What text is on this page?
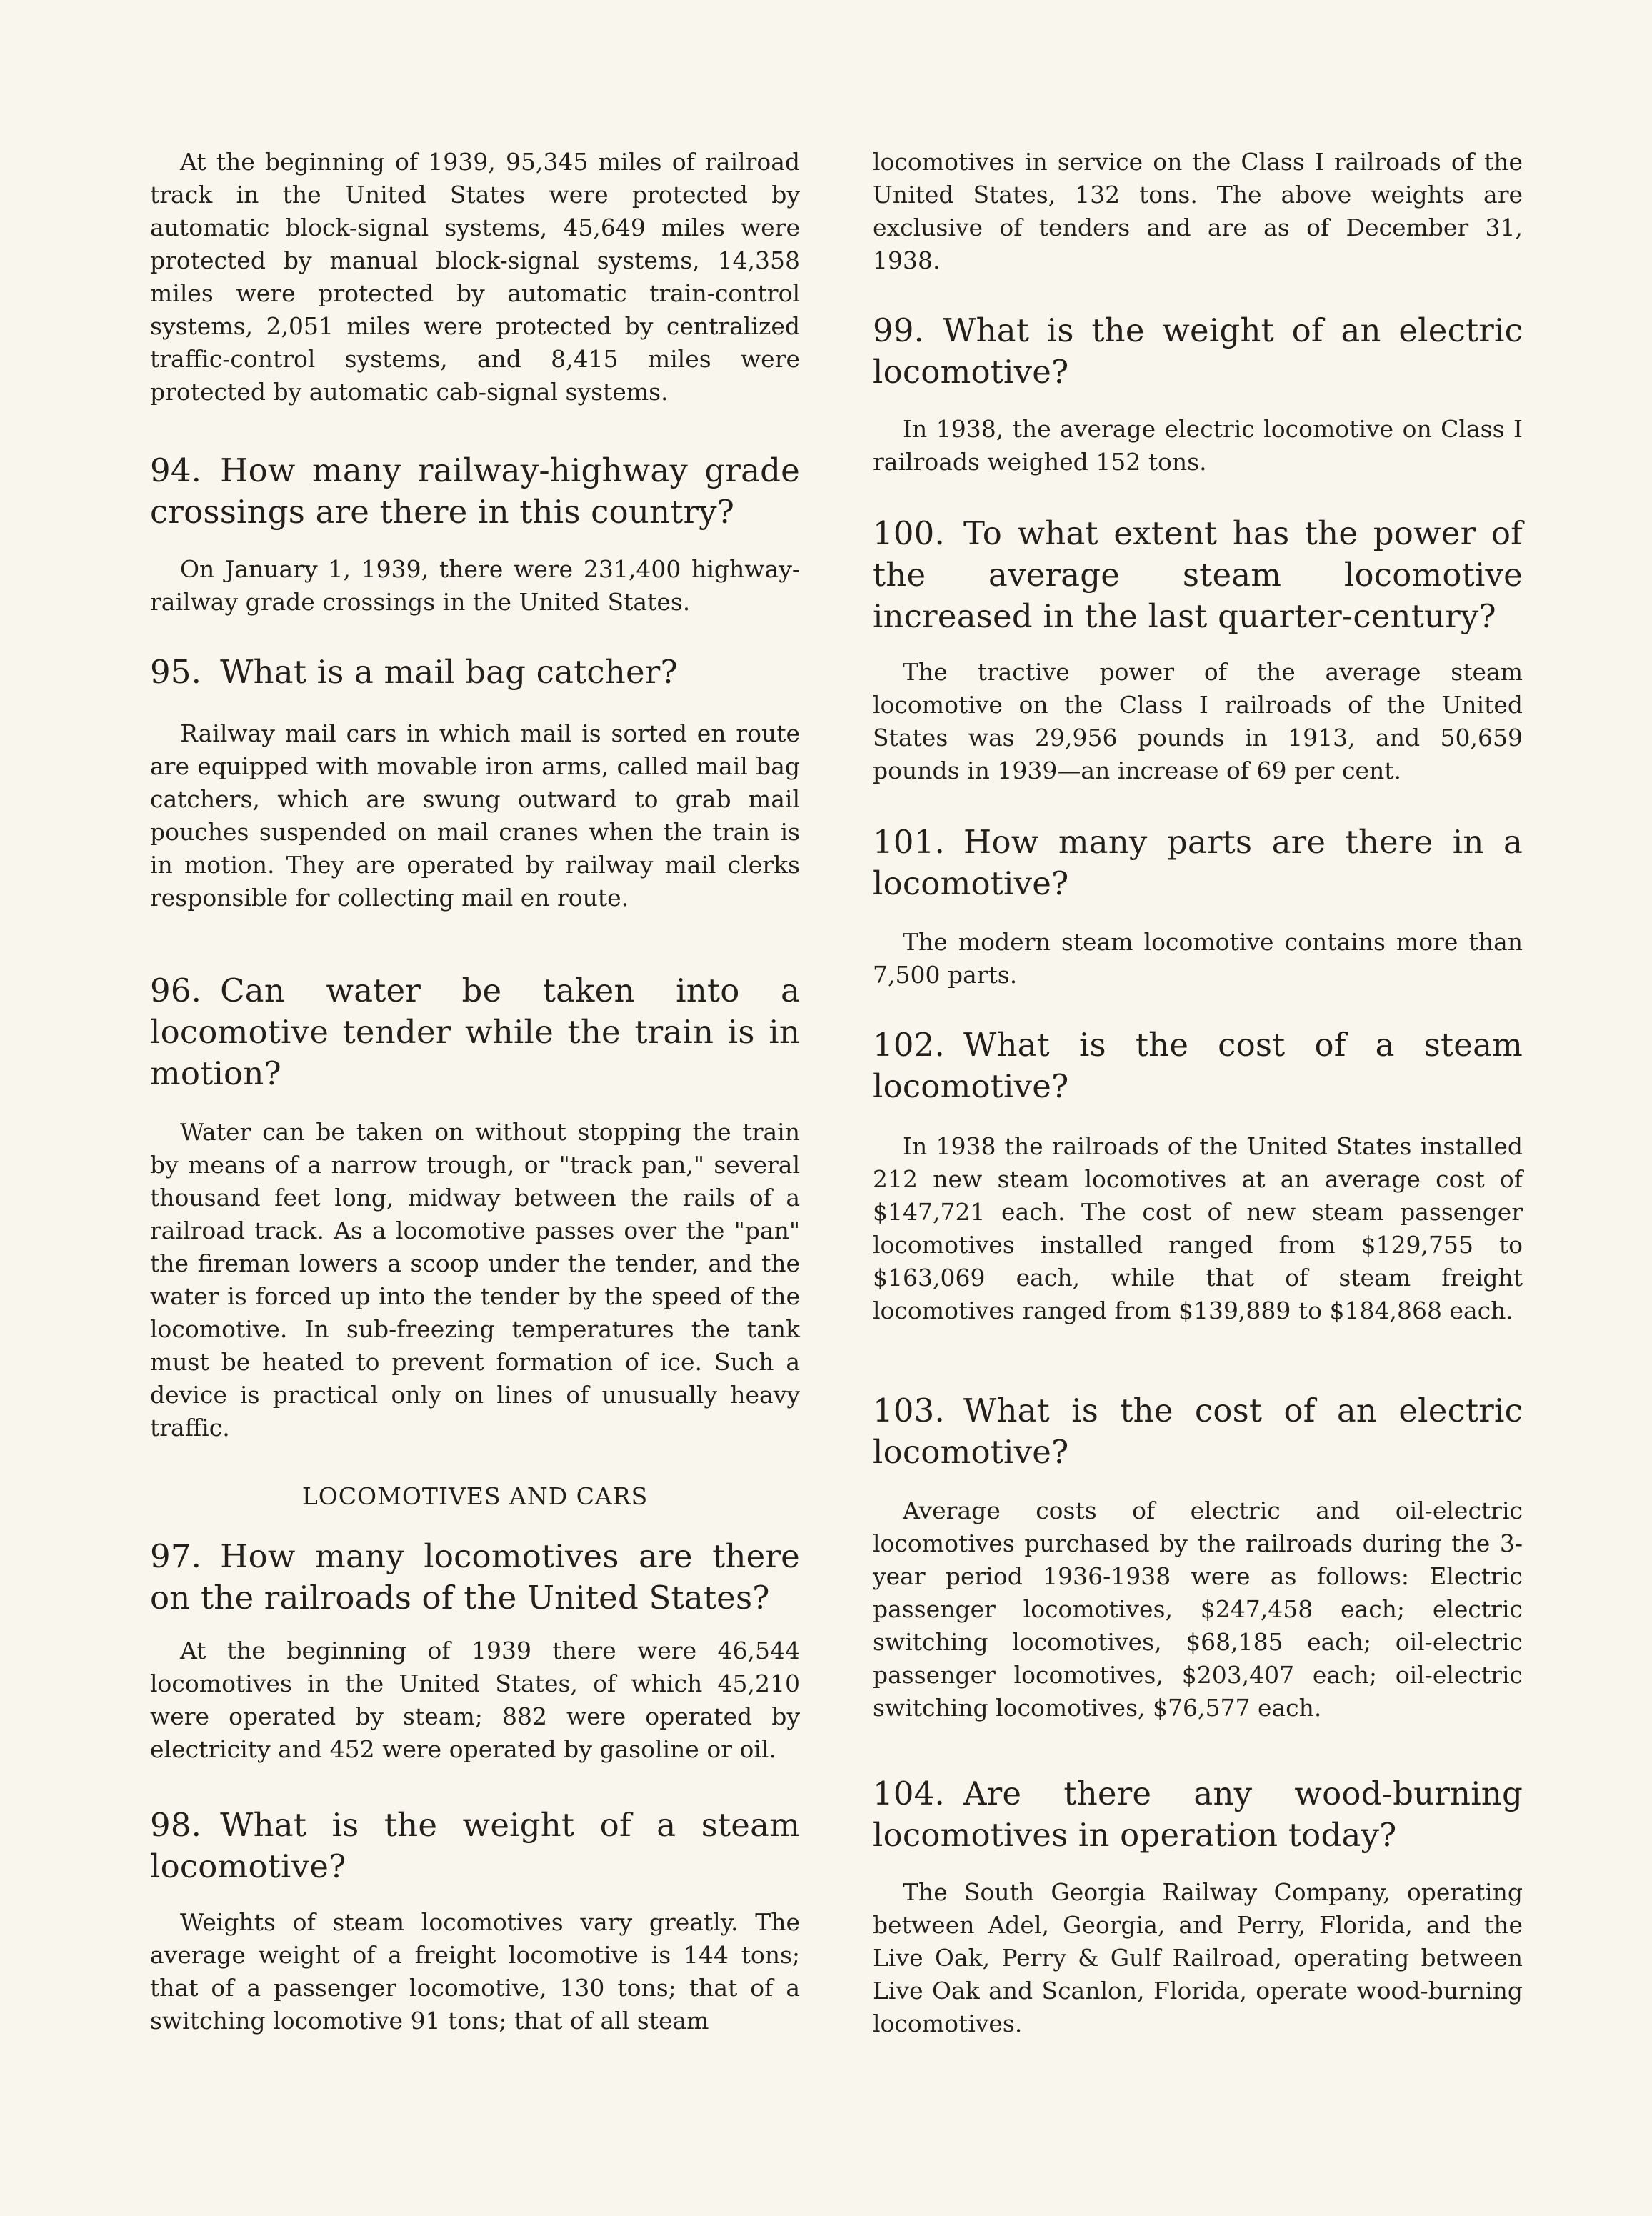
At the beginning of 1939, 95,345 miles of railroad track in the United States were protected by automatic block-signal systems, 45,649 miles were protected by manual block-signal systems, 14,358 miles were protected by automatic train-control systems, 2,051 miles were protected by centralized traffic-control systems, and 8,415 miles were protected by automatic cab-signal systems.

94. How many railway-highway grade crossings are there in this country?

On January 1, 1939, there were 231,400 highway-railway grade crossings in the United States.

95. What is a mail bag catcher?

Railway mail cars in which mail is sorted en route are equipped with movable iron arms, called mail bag catchers, which are swung outward to grab mail pouches suspended on mail cranes when the train is in motion. They are operated by railway mail clerks responsible for collecting mail en route.

96. Can water be taken into a locomotive tender while the train is in motion?

Water can be taken on without stopping the train by means of a narrow trough, or "track pan," several thousand feet long, midway between the rails of a railroad track. As a locomotive passes over the "pan" the fireman lowers a scoop under the tender, and the water is forced up into the tender by the speed of the locomotive. In sub-freezing temperatures the tank must be heated to prevent formation of ice. Such a device is practical only on lines of unusually heavy traffic.

LOCOMOTIVES AND CARS

97. How many locomotives are there on the railroads of the United States?

At the beginning of 1939 there were 46,544 locomotives in the United States, of which 45,210 were operated by steam; 882 were operated by electricity and 452 were operated by gasoline or oil.

98. What is the weight of a steam locomotive?

Weights of steam locomotives vary greatly. The average weight of a freight locomotive is 144 tons; that of a passenger locomotive, 130 tons; that of a switching locomotive 91 tons; that of all steam

locomotives in service on the Class I railroads of the United States, 132 tons. The above weights are exclusive of tenders and are as of December 31, 1938.

99. What is the weight of an electric locomotive?

In 1938, the average electric locomotive on Class I railroads weighed 152 tons.

100. To what extent has the power of the average steam locomotive increased in the last quarter-century?

The tractive power of the average steam locomotive on the Class I railroads of the United States was 29,956 pounds in 1913, and 50,659 pounds in 1939—an increase of 69 per cent.

101. How many parts are there in a locomotive?

The modern steam locomotive contains more than 7,500 parts.

102. What is the cost of a steam locomotive?

In 1938 the railroads of the United States installed 212 new steam locomotives at an average cost of $147,721 each. The cost of new steam passenger locomotives installed ranged from $129,755 to $163,069 each, while that of steam freight locomotives ranged from $139,889 to $184,868 each.

103. What is the cost of an electric locomotive?

Average costs of electric and oil-electric locomotives purchased by the railroads during the 3-year period 1936-1938 were as follows: Electric passenger locomotives, $247,458 each; electric switching locomotives, $68,185 each; oil-electric passenger locomotives, $203,407 each; oil-electric switching locomotives, $76,577 each.

104. Are there any wood-burning locomotives in operation today?

The South Georgia Railway Company, operating between Adel, Georgia, and Perry, Florida, and the Live Oak, Perry & Gulf Railroad, operating between Live Oak and Scanlon, Florida, operate wood-burning locomotives.
